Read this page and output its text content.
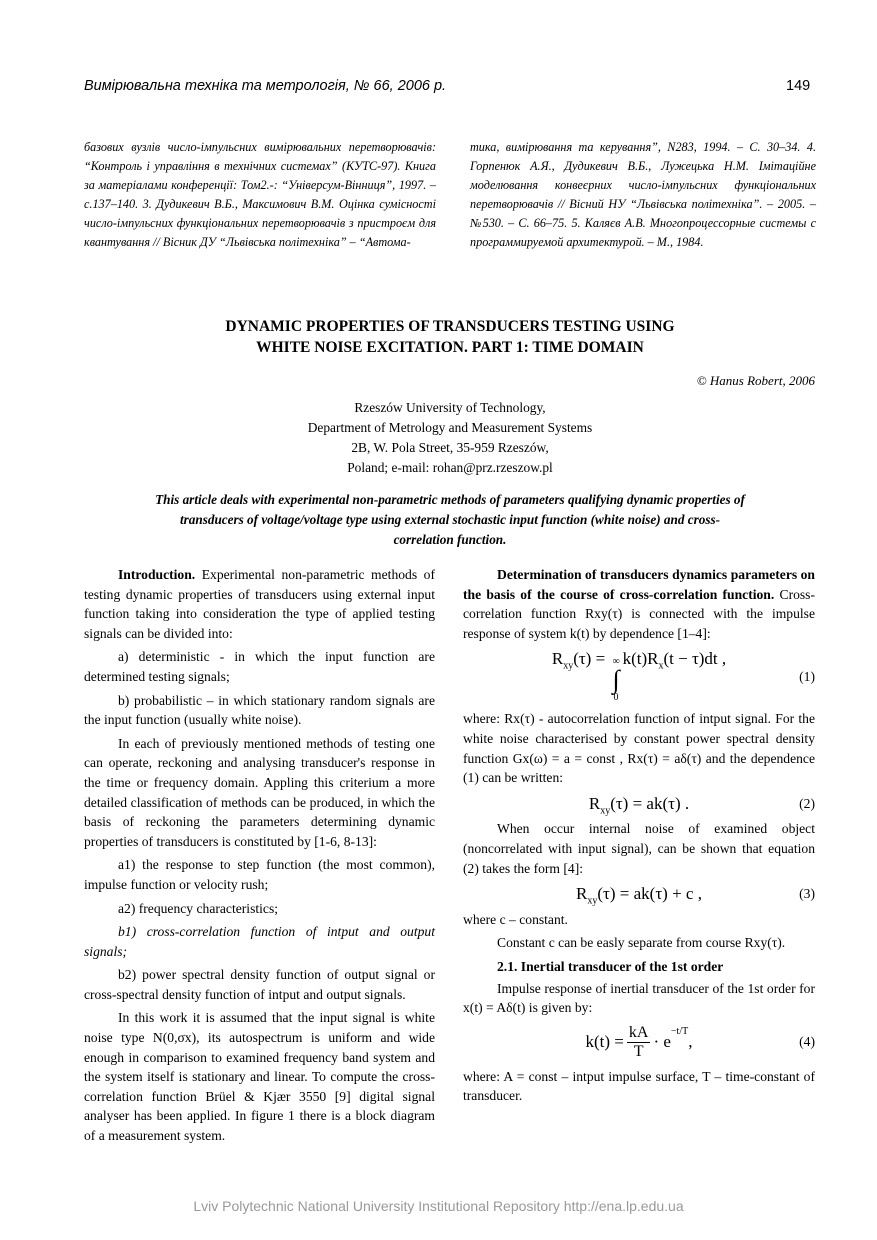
Вимірювальна техніка та метрологія, № 66, 2006 р.	149
базових вузлів число-імпульсних вимірювальних перетворювачів: “Контроль і управління в технічних системах” (КУТС-97). Книга за матеріалами конференції: Том2.-: “Універсум-Вінниця”, 1997. – с.137–140. 3. Дудикевич В.Б., Максимович В.М. Оцінка сумісності число-імпульсних функціональних перетворювачів з пристроєм для квантування // Вісник ДУ “Львівська політехніка” – “Автома-
тика, вимірювання та керування”, N283, 1994. – С. 30–34. 4. Горпенюк А.Я., Дудикевич В.Б., Лужецька Н.М. Імітаційне моделювання конвеєрних число-імпульсних функціональних перетворювачів // Вісний НУ “Львівська політехніка”. – 2005. – №530. – С. 66–75. 5. Каляєв А.В. Многопроцессорные системы с программируемой архитектурой. – М., 1984.
DYNAMIC PROPERTIES OF TRANSDUCERS TESTING USING
WHITE NOISE EXCITATION. PART 1: TIME DOMAIN
© Hanus Robert, 2006
Rzeszów University of Technology,
Department of Metrology and Measurement Systems
2B, W. Pola Street, 35-959 Rzeszów,
Poland; e-mail: rohan@prz.rzeszow.pl
This article deals with experimental non-parametric methods of parameters qualifying dynamic properties of transducers of voltage/voltage type using external stochastic input function (white noise) and cross-correlation function.

Introduction. Experimental non-parametric methods of testing dynamic properties of transducers using external input function taking into consideration the type of applied testing signals can be divided into:

a) deterministic - in which the input function are determined testing signals;

b) probabilistic – in which stationary random signals are the input function (usually white noise).

In each of previously mentioned methods of testing one can operate, reckoning and analysing transducer's response in the time or frequency domain. Appling this criterium a more detailed classification of methods can be produced, in which the basis of reckoning the parameters determining dynamic properties of transducers is constituted by [1-6, 8-13]:

a1) the response to step function (the most common), impulse function or velocity rush;

a2) frequency characteristics;

b1) cross-correlation function of intput and output signals;

b2) power spectral density function of output signal or cross-spectral density function of intput and output signals.

In this work it is assumed that the input signal is white noise type N(0,σx), its autospectrum is uniform and wide enough in comparison to examined frequency band system and the system itself is stationary and linear. To compute the cross-correlation function Brüel & Kjær 3550 [9] digital signal analyser has been applied. In figure 1 there is a block diagram of a measurement system.

Determination of transducers dynamics parameters on the basis of the course of cross-correlation function. Cross-correlation function Rxy(τ) is connected with the impulse response of system k(t) by dependence [1–4]:

$R_{xy}(\tau)$ = ∞
∫
0
$k(t)R_x(t - \tau)dt$ ,
(1)

where: Rx(τ) - autocorrelation function of intput signal. For the white noise characterised by constant power spectral density function Gx(ω) = a = const , Rx(τ) = aδ(τ) and the dependence (1) can be written:

$R_{xy}(\tau) = ak(\tau)$ .	(2)

When occur internal noise of examined object (noncorrelated with input signal), can be shown that equation (2) takes the form [4]:

$R_{xy}(\tau) = ak(\tau) + c$ ,	(3)

where c – constant.

Constant c can be easly separate from course Rxy(τ).

2.1. Inertial transducer of the 1st order

Impulse response of inertial transducer of the 1st order for x(t) = Aδ(t) is given by:

$k(t) = \frac{kA}{T} \cdot e$
$^{-t/T}$
,	(4)

where: A = const – intput impulse surface, T – time-constant of transducer.

Lviv Polytechnic National University Institutional Repository http://ena.lp.edu.ua
